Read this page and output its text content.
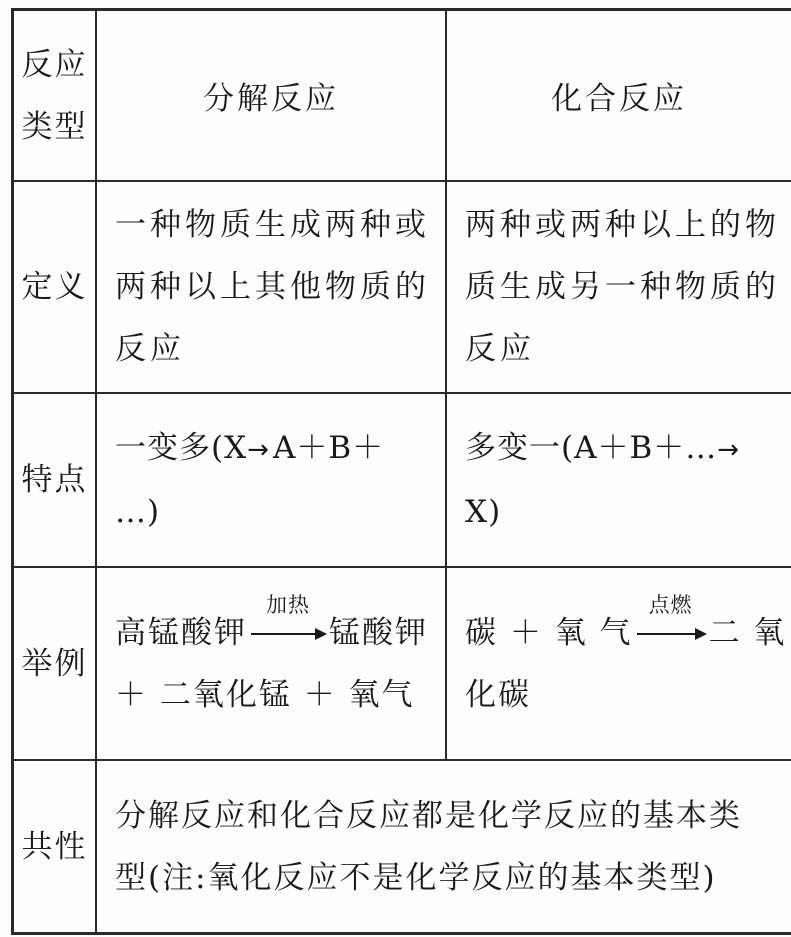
反应
类型
分解反应	化合反应
定义
一种物质生成两种或
两种以上其他物质的
反应
两种或两种以上的物
质生成另一种物质的
反应
特点
一变多(X→A＋B＋
…)
多变一(A＋B＋…→
X)
举例
高锰酸钾
加热
锰酸钾
＋ 二氧化锰 ＋ 氧气
碳 ＋ 氧 气
点燃
二 氧
化碳
共性
分解反应和化合反应都是化学反应的基本类
型(注:氧化反应不是化学反应的基本类型)
